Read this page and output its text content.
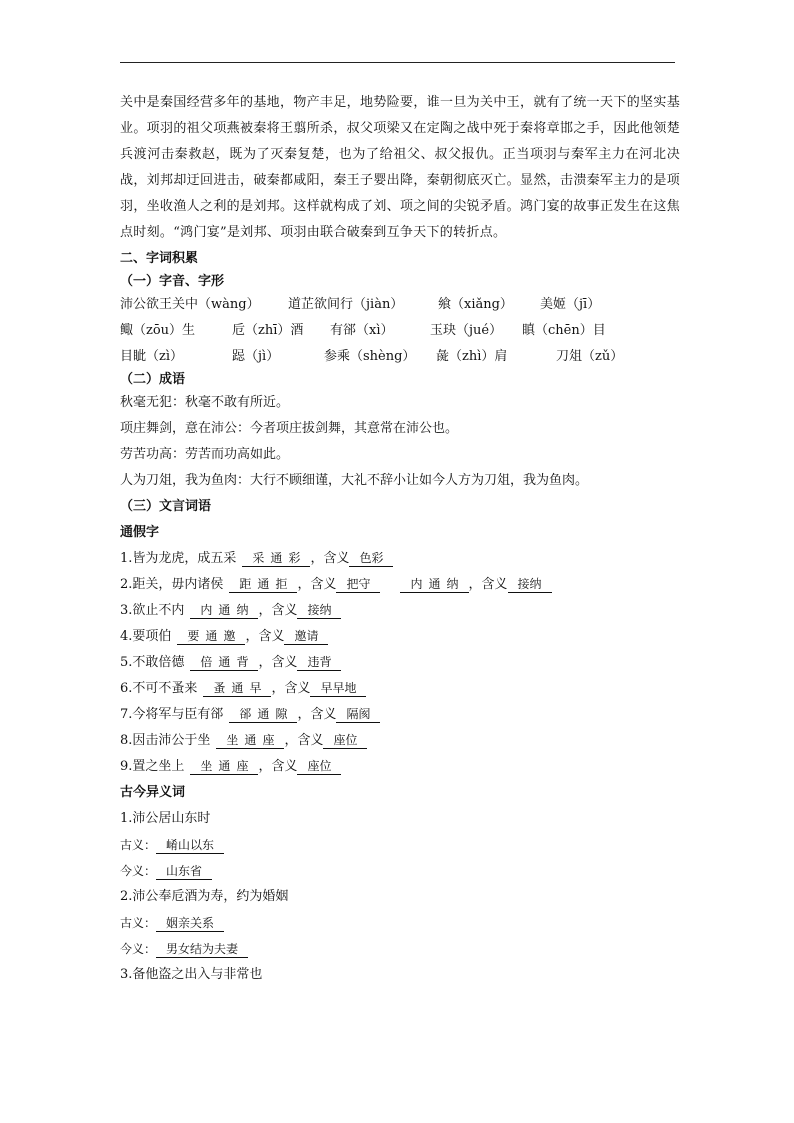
关中是秦国经营多年的基地，物产丰足，地势险要，谁一旦为关中王，就有了统一天下的坚实基业。项羽的祖父项燕被秦将王翦所杀，叔父项梁又在定陶之战中死于秦将章邯之手，因此他领楚兵渡河击秦救赵，既为了灭秦复楚，也为了给祖父、叔父报仇。正当项羽与秦军主力在河北决战，刘邦却迂回进击，破秦都咸阳，秦王子婴出降，秦朝彻底灭亡。显然，击溃秦军主力的是项羽，坐收渔人之利的是刘邦。这样就构成了刘、项之间的尖锐矛盾。鸿门宴的故事正发生在这焦点时刻。“鸿门宴”是刘邦、项羽由联合破秦到互争天下的转折点。

二、字词积累
（一）字音、字形
沛公欲王关中（wàng） 道芷欲间行（jiàn）	飨（xiǎng） 美姬（jī）
鲰（zōu）生	卮（zhī）酒 有郤（xì）	玉玦（jué） 瞋（chēn）目
目眦（zì）	跽（jì）	参乘（shèng） 彘（zhì）肩	刀俎（zǔ）
（二）成语
秋毫无犯：秋毫不敢有所近。
项庄舞剑，意在沛公：今者项庄拔剑舞，其意常在沛公也。
劳苦功高：劳苦而功高如此。
人为刀俎，我为鱼肉：大行不顾细谨，大礼不辞小让如今人方为刀俎，我为鱼肉。
（三）文言词语
通假字
1.皆为龙虎，成五采 采通彩 ，含义 色彩
2.距关，毋内诸侯 距通拒 ，含义 把守	内通纳 ，含义 接纳
3.欲止不内 内通纳 ，含义 接纳
4.要项伯 要通邀 ，含义 邀请
5.不敢倍德 倍通背 ，含义 违背
6.不可不蚤来 蚤通早 ，含义 早早地
7.今将军与臣有郤 郤通隙 ，含义 隔阂
8.因击沛公于坐 坐通座 ，含义 座位
9.置之坐上 坐通座 ，含义 座位
古今异义词
1.沛公居山东时
古义： 崤山以东
今义： 山东省
2.沛公奉卮酒为寿，约为婚姻
古义： 姻亲关系
今义： 男女结为夫妻
3.备他盗之出入与非常也
